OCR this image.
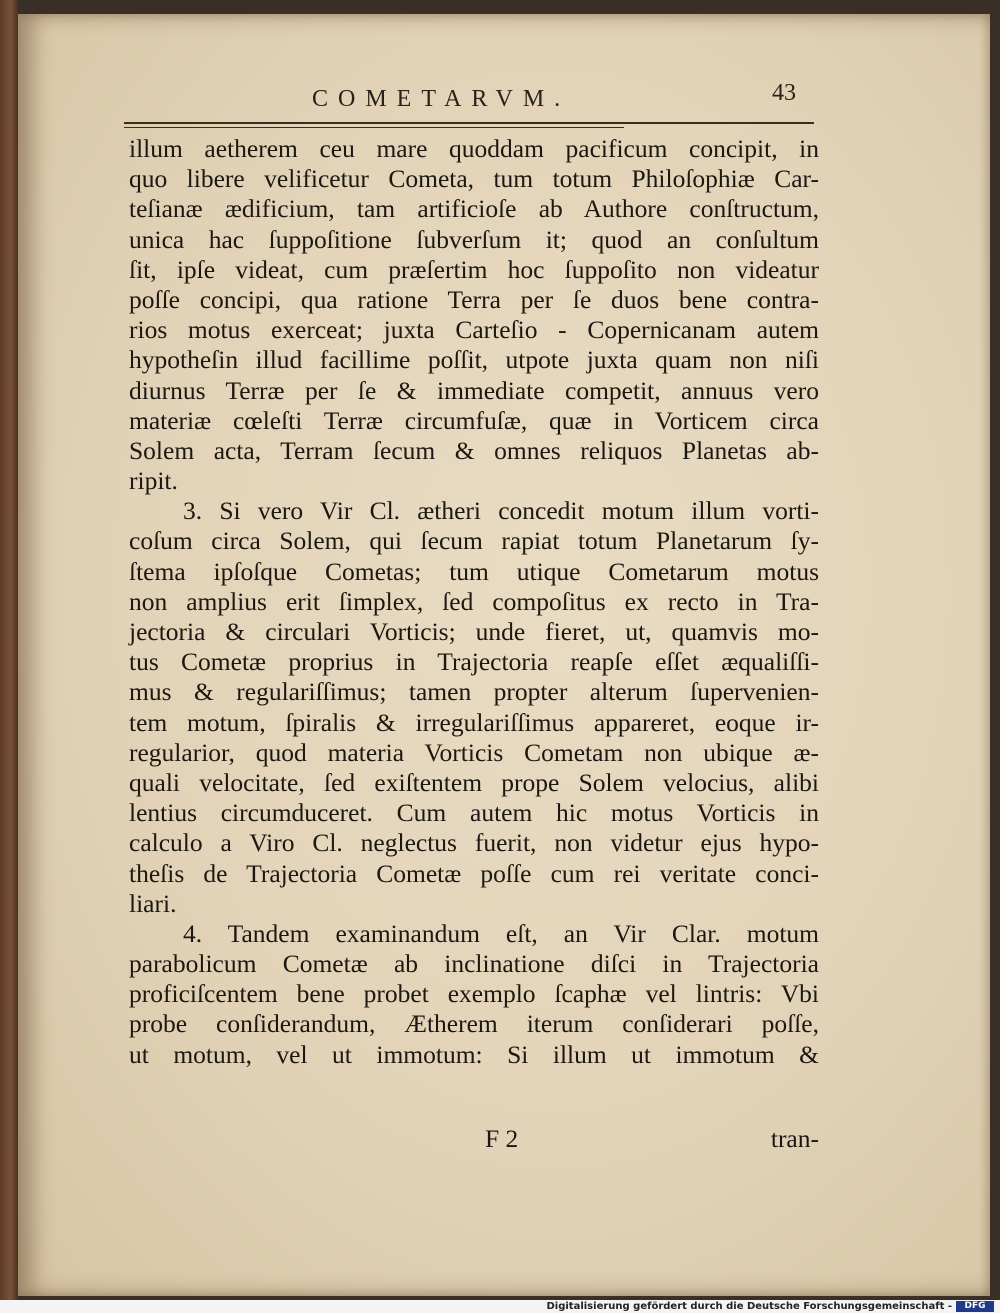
COMETARVM.	43
illum aetherem ceu mare quoddam pacificum concipit, in
quo libere velificetur Cometa, tum totum Philoſophiæ Car-
teſianæ ædificium, tam artificioſe ab Authore conſtructum,
unica hac ſuppoſitione ſubverſum it; quod an conſultum
ſit, ipſe videat, cum præſertim hoc ſuppoſito non videatur
poſſe concipi, qua ratione Terra per ſe duos bene contra-
rios motus exerceat; juxta Carteſio - Copernicanam autem
hypotheſin illud facillime poſſit, utpote juxta quam non niſi
diurnus Terræ per ſe & immediate competit, annuus vero
materiæ cœleſti Terræ circumfuſæ, quæ in Vorticem circa
Solem acta, Terram ſecum & omnes reliquos Planetas ab-
ripit.
3. Si vero Vir Cl. ætheri concedit motum illum vorti-
coſum circa Solem, qui ſecum rapiat totum Planetarum ſy-
ſtema ipſoſque Cometas; tum utique Cometarum motus
non amplius erit ſimplex, ſed compoſitus ex recto in Tra-
jectoria & circulari Vorticis; unde fieret, ut, quamvis mo-
tus Cometæ proprius in Trajectoria reapſe eſſet æqualiſſi-
mus & regulariſſimus; tamen propter alterum ſupervenien-
tem motum, ſpiralis & irregulariſſimus appareret, eoque ir-
regularior, quod materia Vorticis Cometam non ubique æ-
quali velocitate, ſed exiſtentem prope Solem velocius, alibi
lentius circumduceret. Cum autem hic motus Vorticis in
calculo a Viro Cl. neglectus fuerit, non videtur ejus hypo-
theſis de Trajectoria Cometæ poſſe cum rei veritate conci-
liari.
4. Tandem examinandum eſt, an Vir Clar. motum
parabolicum Cometæ ab inclinatione diſci in Trajectoria
proficiſcentem bene probet exemplo ſcaphæ vel lintris: Vbi
probe conſiderandum, Ætherem iterum conſiderari poſſe,
ut motum, vel ut immotum: Si illum ut immotum &
F 2	tran-
Digitalisierung gefördert durch die Deutsche Forschungsgemeinschaft -	DFG
